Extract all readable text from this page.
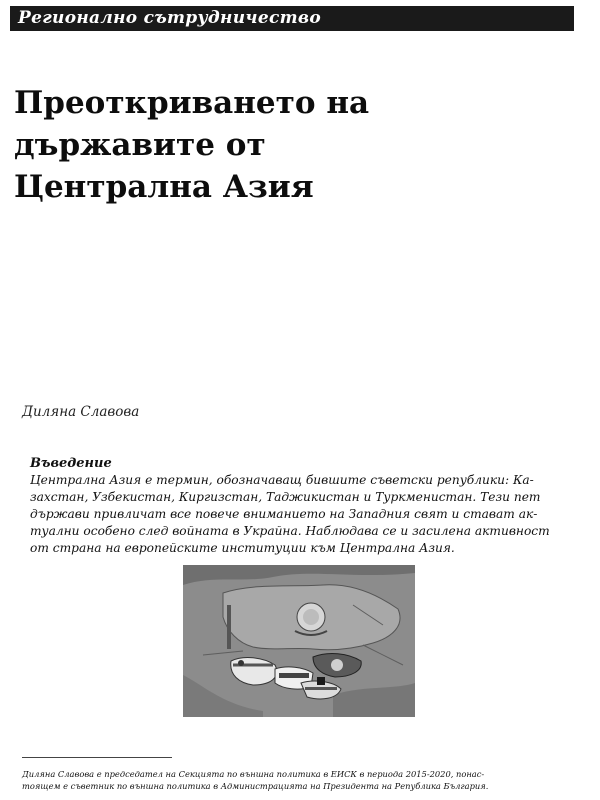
Регионално сътрудничество
Преоткриването на
държавите от
Централна Азия
Диляна Славова
Въведение
Централна Азия е термин, обозначаващ бившите съветски републики: Ка-
захстан, Узбекистан, Киргизстан, Таджикистан и Туркменистан. Тези пет
държави привличат все повече вниманието на Западния свят и стават ак-
туални особено след войната в Украйна. Наблюдава се и засилена активност
от страна на европейските институции към Централна Азия.
Диляна Славова е председател на Секцията по външна политика в ЕИСК в периода 2015-2020, понас-
тоящем е съветник по външна политика в Администрацията на Президента на Република България.
